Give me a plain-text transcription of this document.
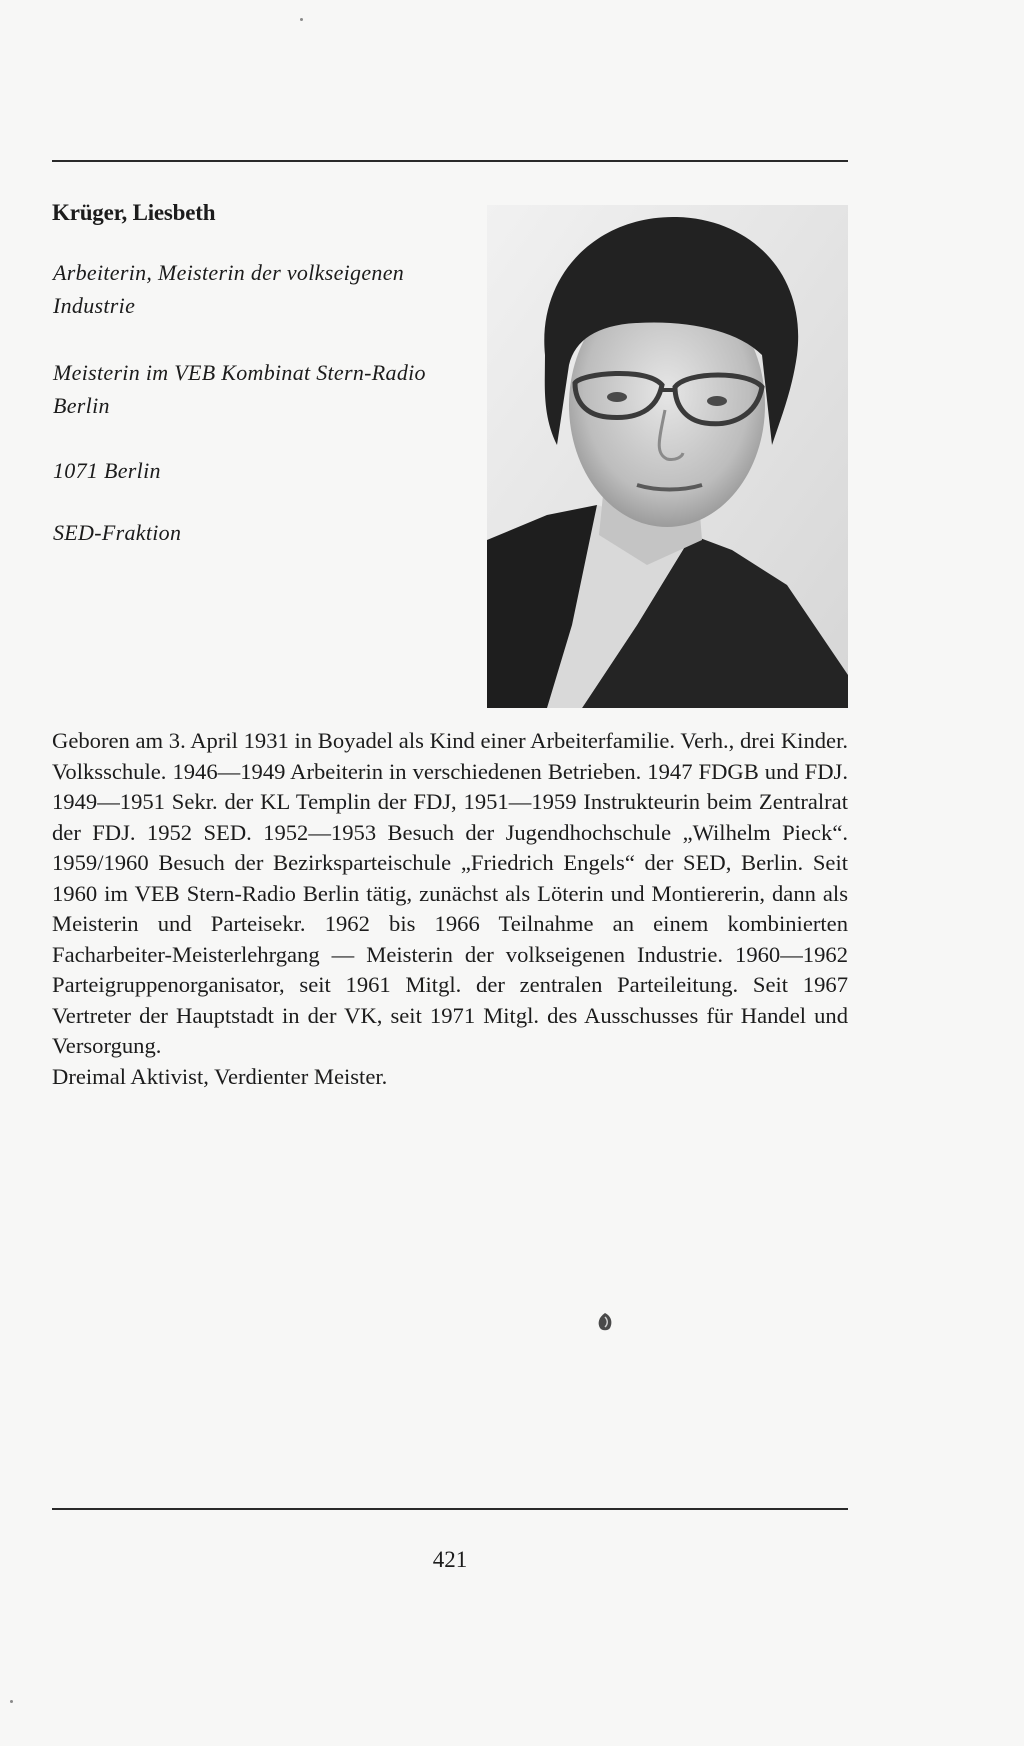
Krüger, Liesbeth
Arbeiterin, Meisterin der volkseigenen Industrie
Meisterin im VEB Kombinat Stern-Radio Berlin
1071 Berlin
SED-Fraktion

Geboren am 3. April 1931 in Boyadel als Kind einer Arbeiterfamilie. Verh., drei Kinder. Volksschule. 1946—1949 Arbeiterin in verschiedenen Betrieben. 1947 FDGB und FDJ. 1949—1951 Sekr. der KL Templin der FDJ, 1951—1959 Instrukteurin beim Zentralrat der FDJ. 1952 SED. 1952—1953 Besuch der Jugendhochschule „Wilhelm Pieck“. 1959/1960 Besuch der Bezirksparteischule „Friedrich Engels“ der SED, Berlin. Seit 1960 im VEB Stern-Radio Berlin tätig, zunächst als Löterin und Montiererin, dann als Meisterin und Parteisekr. 1962 bis 1966 Teilnahme an einem kombinierten Facharbeiter-Meisterlehrgang — Meisterin der volkseigenen Industrie. 1960—1962 Parteigruppenorganisator, seit 1961 Mitgl. der zentralen Parteileitung. Seit 1967 Vertreter der Hauptstadt in der VK, seit 1971 Mitgl. des Ausschusses für Handel und Versorgung.

Dreimal Aktivist, Verdienter Meister.

421
